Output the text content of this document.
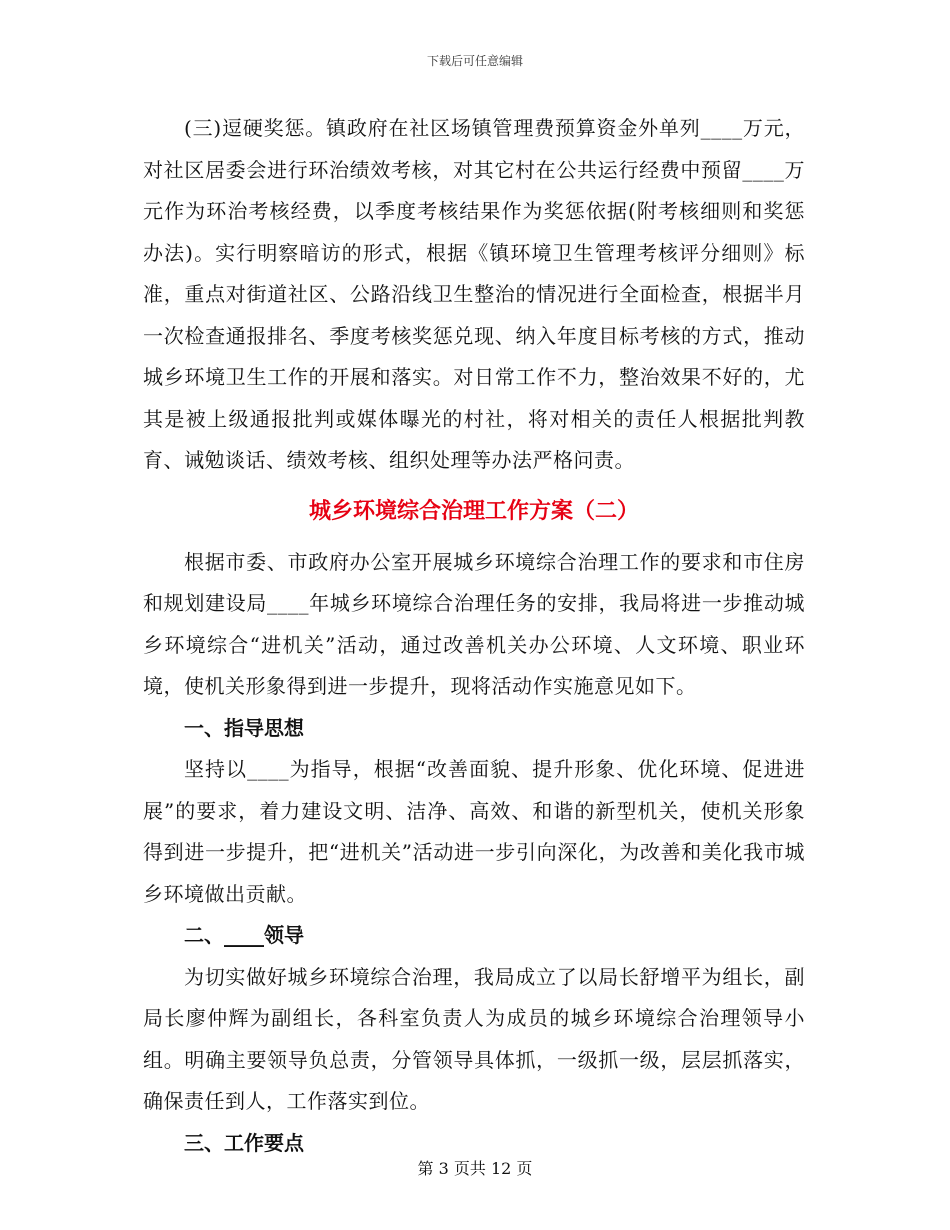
下载后可任意编辑

(三)逗硬奖惩。镇政府在社区场镇管理费预算资金外单列____万元，对社区居委会进行环治绩效考核，对其它村在公共运行经费中预留____万元作为环治考核经费，以季度考核结果作为奖惩依据(附考核细则和奖惩办法)。实行明察暗访的形式，根据《镇环境卫生管理考核评分细则》标准，重点对街道社区、公路沿线卫生整治的情况进行全面检查，根据半月一次检查通报排名、季度考核奖惩兑现、纳入年度目标考核的方式，推动城乡环境卫生工作的开展和落实。对日常工作不力，整治效果不好的，尤其是被上级通报批判或媒体曝光的村社，将对相关的责任人根据批判教育、诫勉谈话、绩效考核、组织处理等办法严格问责。

城乡环境综合治理工作方案（二）

根据市委、市政府办公室开展城乡环境综合治理工作的要求和市住房和规划建设局____年城乡环境综合治理任务的安排，我局将进一步推动城乡环境综合“进机关”活动，通过改善机关办公环境、人文环境、职业环境，使机关形象得到进一步提升，现将活动作实施意见如下。

一、指导思想

坚持以____为指导，根据“改善面貌、提升形象、优化环境、促进进展”的要求，着力建设文明、洁净、高效、和谐的新型机关，使机关形象得到进一步提升，把“进机关”活动进一步引向深化，为改善和美化我市城乡环境做出贡献。

二、____领导

为切实做好城乡环境综合治理，我局成立了以局长舒增平为组长，副局长廖仲辉为副组长，各科室负责人为成员的城乡环境综合治理领导小组。明确主要领导负总责，分管领导具体抓，一级抓一级，层层抓落实，确保责任到人，工作落实到位。

三、工作要点
第 3 页共 12 页
